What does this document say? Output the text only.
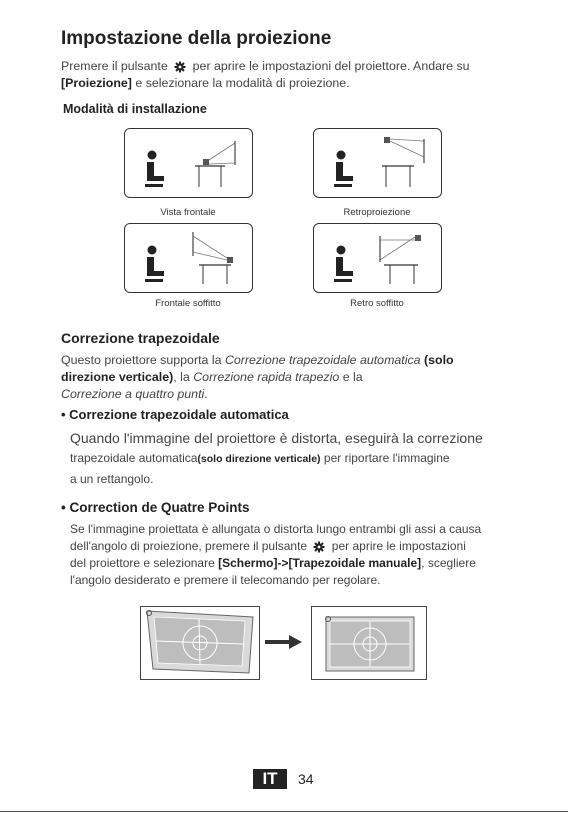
Impostazione della proiezione
Premere il pulsante per aprire le impostazioni del proiettore. Andare su
[Proiezione] e selezionare la modalità di proiezione.
Modalità di installazione
Vista frontale	Retroproiezione
Frontale soffitto	Retro soffitto
Correzione trapezoidale
Questo proiettore supporta la Correzione trapezoidale automatica (solo
direzione verticale), la Correzione rapida trapezio e la
Correzione a quattro punti.
• Correzione trapezoidale automatica
Quando l'immagine del proiettore è distorta, eseguirà la correzione
trapezoidale automatica(solo direzione verticale) per riportare l'immagine
a un rettangolo.
• Correction de Quatre Points
Se l'immagine proiettata è allungata o distorta lungo entrambi gli assi a causa
dell'angolo di proiezione, premere il pulsante per aprire le impostazioni
del proiettore e selezionare [Schermo]->[Trapezoidale manuale], scegliere
l'angolo desiderato e premere il telecomando per regolare.
IT	34
